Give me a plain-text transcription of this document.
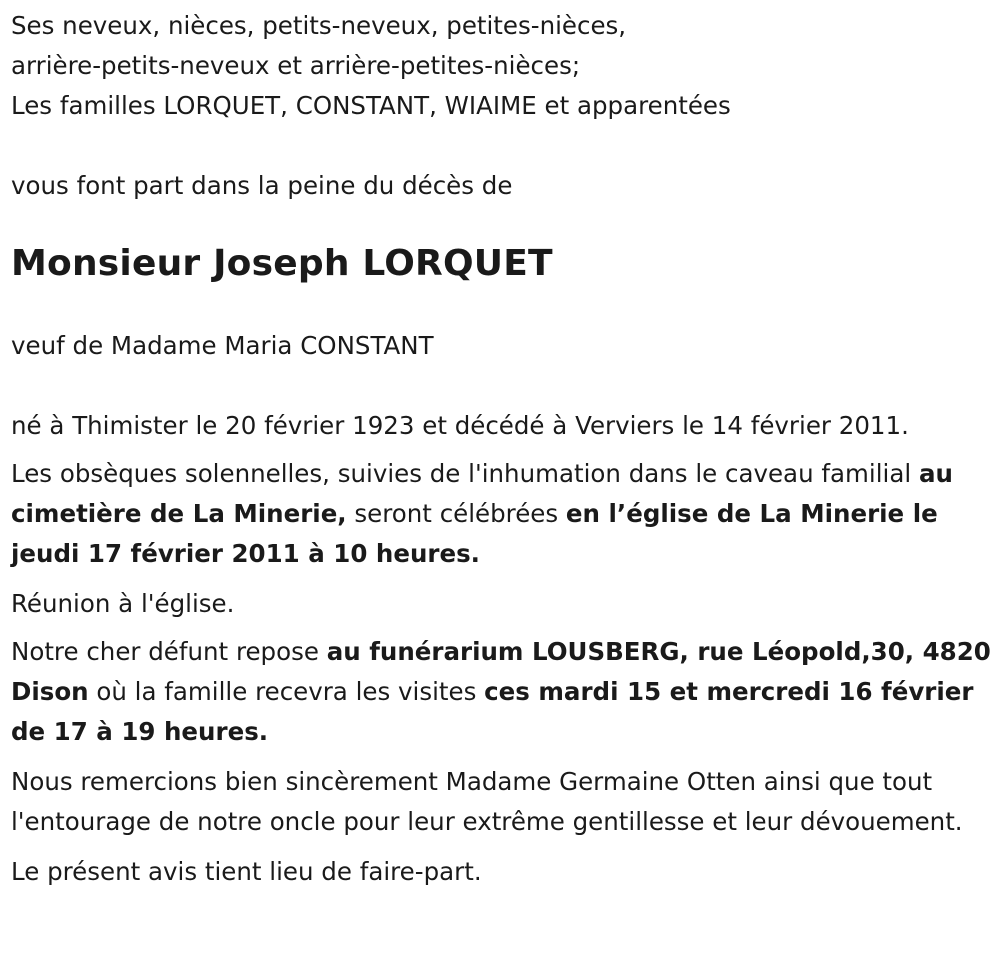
Ses neveux, nièces, petits-neveux, petites-nièces,
arrière-petits-neveux et arrière-petites-nièces;
Les familles LORQUET, CONSTANT, WIAIME et apparentées
vous font part dans la peine du décès de
Monsieur Joseph LORQUET
veuf de Madame Maria CONSTANT
né à Thimister le 20 février 1923 et décédé à Verviers le 14 février 2011.
Les obsèques solennelles, suivies de l'inhumation dans le caveau familial au cimetière de La Minerie, seront célébrées en l’église de La Minerie le jeudi 17 février 2011 à 10 heures.
Réunion à l'église.
Notre cher défunt repose au funérarium LOUSBERG, rue Léopold,30, 4820 Dison où la famille recevra les visites ces mardi 15 et mercredi 16 février de 17 à 19 heures.
Nous remercions bien sincèrement Madame Germaine Otten ainsi que tout l'entourage de notre oncle pour leur extrême gentillesse et leur dévouement.
Le présent avis tient lieu de faire-part.
